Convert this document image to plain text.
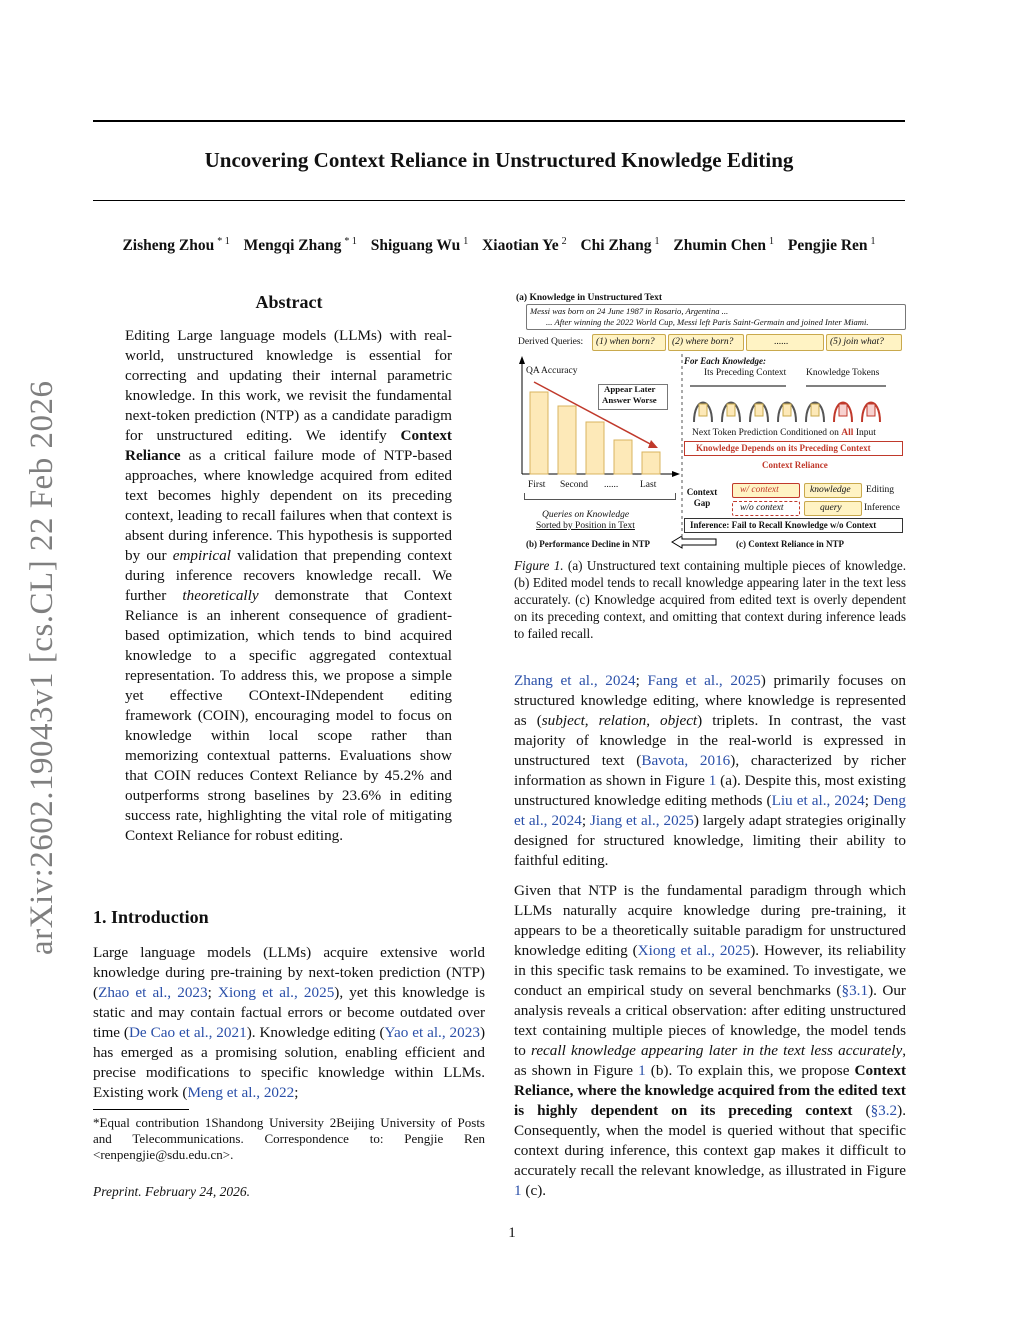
arXiv:2602.19043v1 [cs.CL] 22 Feb 2026
Uncovering Context Reliance in Unstructured Knowledge Editing
Zisheng Zhou $^{* 1}$ Mengqi Zhang $^{* 1}$ Shiguang Wu $^1$ Xiaotian Ye $^2$ Chi Zhang $^1$ Zhumin Chen $^1$ Pengjie Ren $^1$
Abstract

Editing Large language models (LLMs) with real-world, unstructured knowledge is essential for correcting and updating their internal parametric knowledge. In this work, we revisit the fundamental next-token prediction (NTP) as a candidate paradigm for unstructured editing. We identify Context Reliance as a critical failure mode of NTP-based approaches, where knowledge acquired from edited text becomes highly dependent on its preceding context, leading to recall failures when that context is absent during inference. This hypothesis is supported by our empirical validation that prepending context during inference recovers knowledge recall. We further theoretically demonstrate that Context Reliance is an inherent consequence of gradient-based optimization, which tends to bind acquired knowledge to a specific aggregated contextual representation. To address this, we propose a simple yet effective COntext-INdependent editing framework (COIN), encouraging model to focus on knowledge within local scope rather than memorizing contextual patterns. Evaluations show that COIN reduces Context Reliance by 45.2% and outperforms strong baselines by 23.6% in editing success rate, highlighting the vital role of mitigating Context Reliance for robust editing.

1. Introduction

Large language models (LLMs) acquire extensive world knowledge during pre-training by next-token prediction (NTP) (Zhao et al., 2023; Xiong et al., 2025), yet this knowledge is static and may contain factual errors or become outdated over time (De Cao et al., 2021). Knowledge editing (Yao et al., 2023) has emerged as a promising solution, enabling efficient and precise modifications to specific knowledge within LLMs. Existing work (Meng et al., 2022;

*Equal contribution 1Shandong University 2Beijing University of Posts and Telecommunications. Correspondence to: Pengjie Ren <renpengjie@sdu.edu.cn>.
Preprint. February 24, 2026.
1
(a) Knowledge in Unstructured Text
Messi was born on 24 June 1987 in Rosario, Argentina ...
... After winning the 2022 World Cup, Messi left Paris Saint-Germain and joined Inter Miami.
Derived Queries: (1) when born? (2) where born?	......	(5) join what?
QA Accuracy
Appear Later
Answer Worse
First Second ...... Last
Queries on Knowledge
Sorted by Position in Text
(b) Performance Decline in NTP
For Each Knowledge:
Its Preceding Context Knowledge Tokens
Next Token Prediction Conditioned on All Input
Knowledge Depends on its Preceding Context
Context Reliance
Context Gap
w/ context	knowledge Editing
w/o context	query Inference
Inference: Fail to Recall Knowledge w/o Context
(c) Context Reliance in NTP
Figure 1. (a) Unstructured text containing multiple pieces of knowledge. (b) Edited model tends to recall knowledge appearing later in the text less accurately. (c) Knowledge acquired from edited text is overly dependent on its preceding context, and omitting that context during inference leads to failed recall.

Zhang et al., 2024; Fang et al., 2025) primarily focuses on structured knowledge editing, where knowledge is represented as (subject, relation, object) triplets. In contrast, the vast majority of knowledge in the real-world is expressed in unstructured text (Bavota, 2016), characterized by richer information as shown in Figure 1 (a). Despite this, most existing unstructured knowledge editing methods (Liu et al., 2024; Deng et al., 2024; Jiang et al., 2025) largely adapt strategies originally designed for structured knowledge, limiting their ability to faithful editing.

Given that NTP is the fundamental paradigm through which LLMs naturally acquire knowledge during pre-training, it appears to be a theoretically suitable paradigm for unstructured knowledge editing (Xiong et al., 2025). However, its reliability in this specific task remains to be examined. To investigate, we conduct an empirical study on several benchmarks (§3.1). Our analysis reveals a critical observation: after editing unstructured text containing multiple pieces of knowledge, the model tends to recall knowledge appearing later in the text less accurately, as shown in Figure 1 (b). To explain this, we propose Context Reliance, where the knowledge acquired from the edited text is highly dependent on its preceding context (§3.2). Consequently, when the model is queried without that specific context during inference, this context gap makes it difficult to accurately recall the relevant knowledge, as illustrated in Figure 1 (c).
